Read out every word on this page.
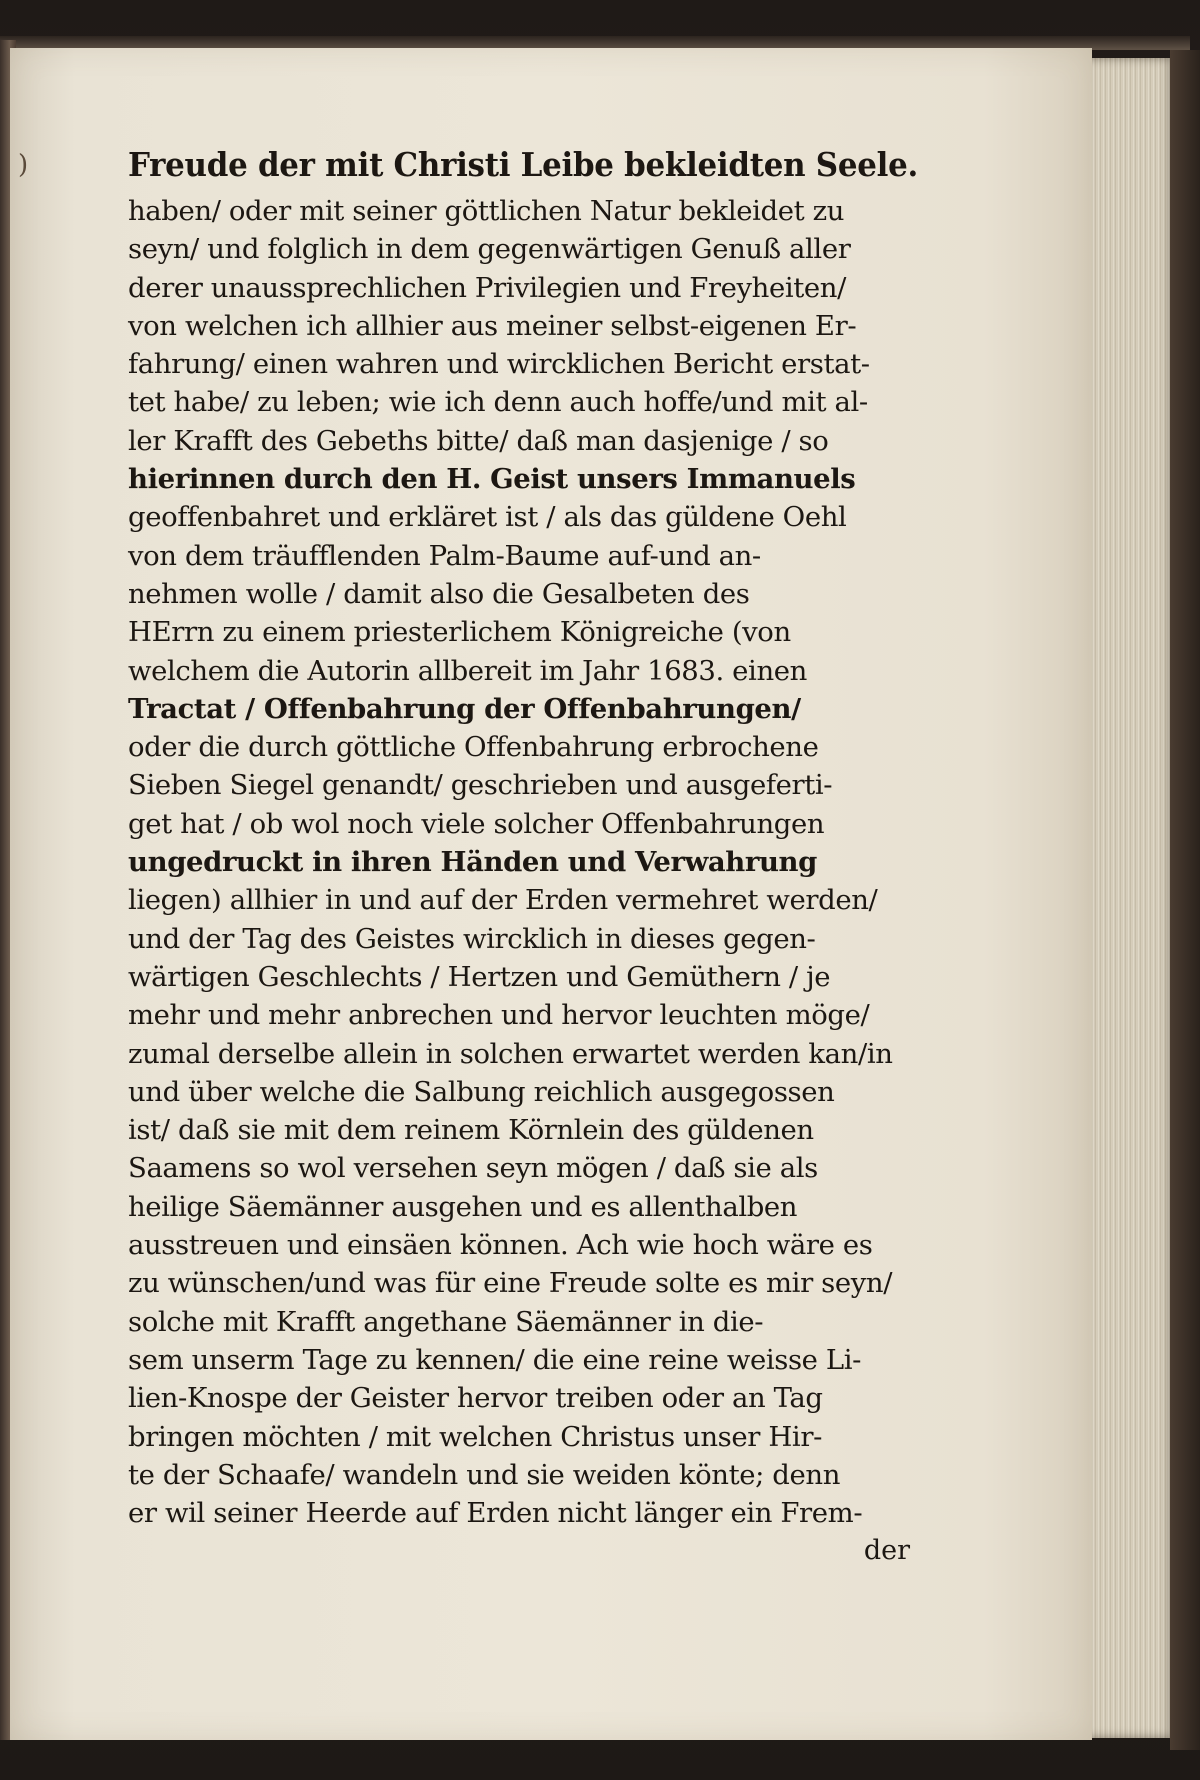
)	Freude der mit Christi Leibe bekleidten Seele.
haben/ oder mit seiner göttlichen Natur bekleidet zu
seyn/ und folglich in dem gegenwärtigen Genuß aller
derer unaussprechlichen Privilegien und Freyheiten/
von welchen ich allhier aus meiner selbst-eigenen Er-
fahrung/ einen wahren und wircklichen Bericht erstat-
tet habe/ zu leben; wie ich denn auch hoffe/und mit al-
ler Krafft des Gebeths bitte/ daß man dasjenige / so
hierinnen durch den H. Geist unsers Immanuels
geoffenbahret und erkläret ist / als das güldene Oehl
von dem träufflenden Palm-Baume auf-und an-
nehmen wolle / damit also die Gesalbeten des
HErrn zu einem priesterlichem Königreiche (von
welchem die Autorin allbereit im Jahr 1683. einen
Tractat / Offenbahrung der Offenbahrungen/
oder die durch göttliche Offenbahrung erbrochene
Sieben Siegel genandt/ geschrieben und ausgeferti-
get hat / ob wol noch viele solcher Offenbahrungen
ungedruckt in ihren Händen und Verwahrung
liegen) allhier in und auf der Erden vermehret werden/
und der Tag des Geistes wircklich in dieses gegen-
wärtigen Geschlechts / Hertzen und Gemüthern / je
mehr und mehr anbrechen und hervor leuchten möge/
zumal derselbe allein in solchen erwartet werden kan/in
und über welche die Salbung reichlich ausgegossen
ist/ daß sie mit dem reinem Körnlein des güldenen
Saamens so wol versehen seyn mögen / daß sie als
heilige Säemänner ausgehen und es allenthalben
ausstreuen und einsäen können. Ach wie hoch wäre es
zu wünschen/und was für eine Freude solte es mir seyn/
solche mit Krafft angethane Säemänner in die-
sem unserm Tage zu kennen/ die eine reine weisse Li-
lien-Knospe der Geister hervor treiben oder an Tag
bringen möchten / mit welchen Christus unser Hir-
te der Schaafe/ wandeln und sie weiden könte; denn
er wil seiner Heerde auf Erden nicht länger ein Frem-
der
